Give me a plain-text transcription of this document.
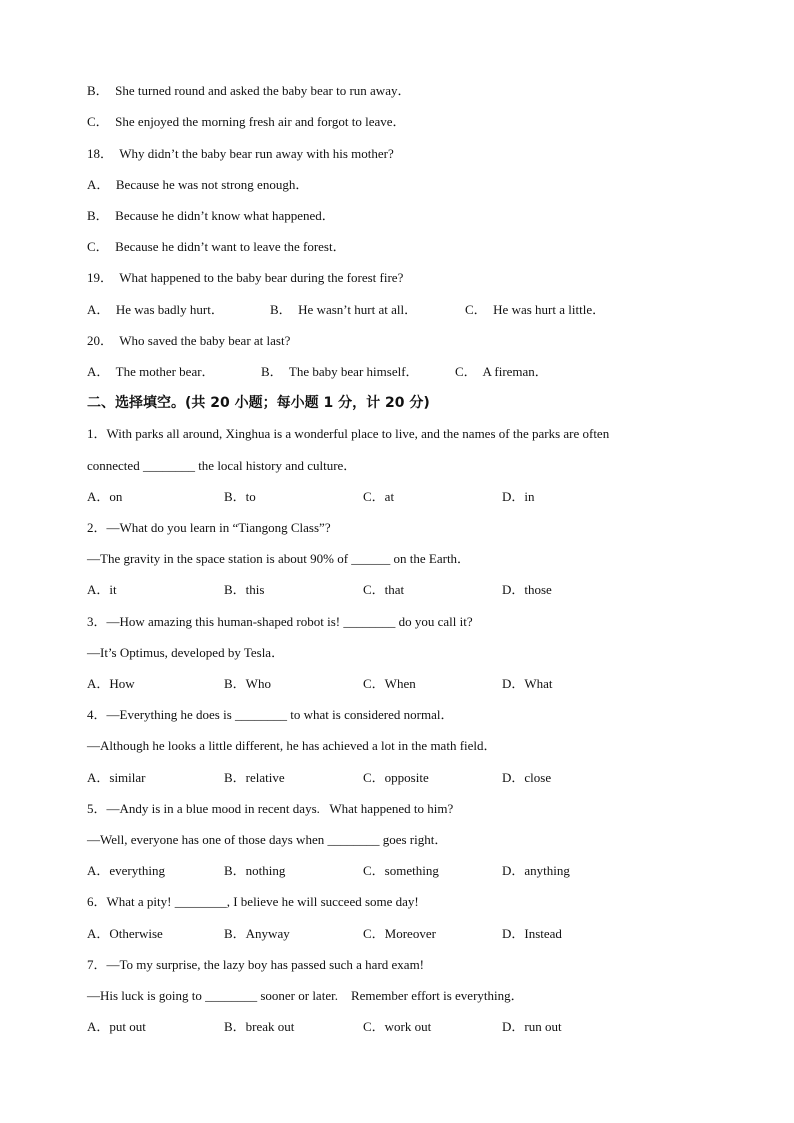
B．  She turned round and asked the baby bear to run away．
C．  She enjoyed the morning fresh air and forgot to leave．
18．  Why didn’t the baby bear run away with his mother?
A．  Because he was not strong enough．
B．  Because he didn’t know what happened．
C．  Because he didn’t want to leave the forest．
19．  What happened to the baby bear during the forest fire?
A．  He was badly hurt．	B．  He wasn’t hurt at all．	C．  He was hurt a little．
20．  Who saved the baby bear at last?
A．  The mother bear．	B．  The baby bear himself．	C．  A fireman．
二、选择填空。(共 20 小题；每小题 1 分，计 20 分)
1．With parks all around, Xinghua is a wonderful place to live, and the names of the parks are often
connected ________ the local history and culture．
A．on	B．to	C．at	D．in
2．—What do you learn in “Tiangong Class”?
—The gravity in the space station is about 90% of ______ on the Earth．
A．it	B．this	C．that	D．those
3．—How amazing this human-shaped robot is! ________ do you call it?
—It’s Optimus, developed by Tesla．
A．How	B．Who	C．When	D．What
4．—Everything he does is ________ to what is considered normal．
—Although he looks a little different, he has achieved a lot in the math field．
A．similar	B．relative	C．opposite	D．close
5．—Andy is in a blue mood in recent days.   What happened to him?
—Well, everyone has one of those days when ________ goes right．
A．everything	B．nothing	C．something	D．anything
6．What a pity! ________, I believe he will succeed some day!
A．Otherwise	B．Anyway	C．Moreover	D．Instead
7．—To my surprise, the lazy boy has passed such a hard exam!
—His luck is going to ________ sooner or later.    Remember effort is everything．
A．put out	B．break out	C．work out	D．run out
